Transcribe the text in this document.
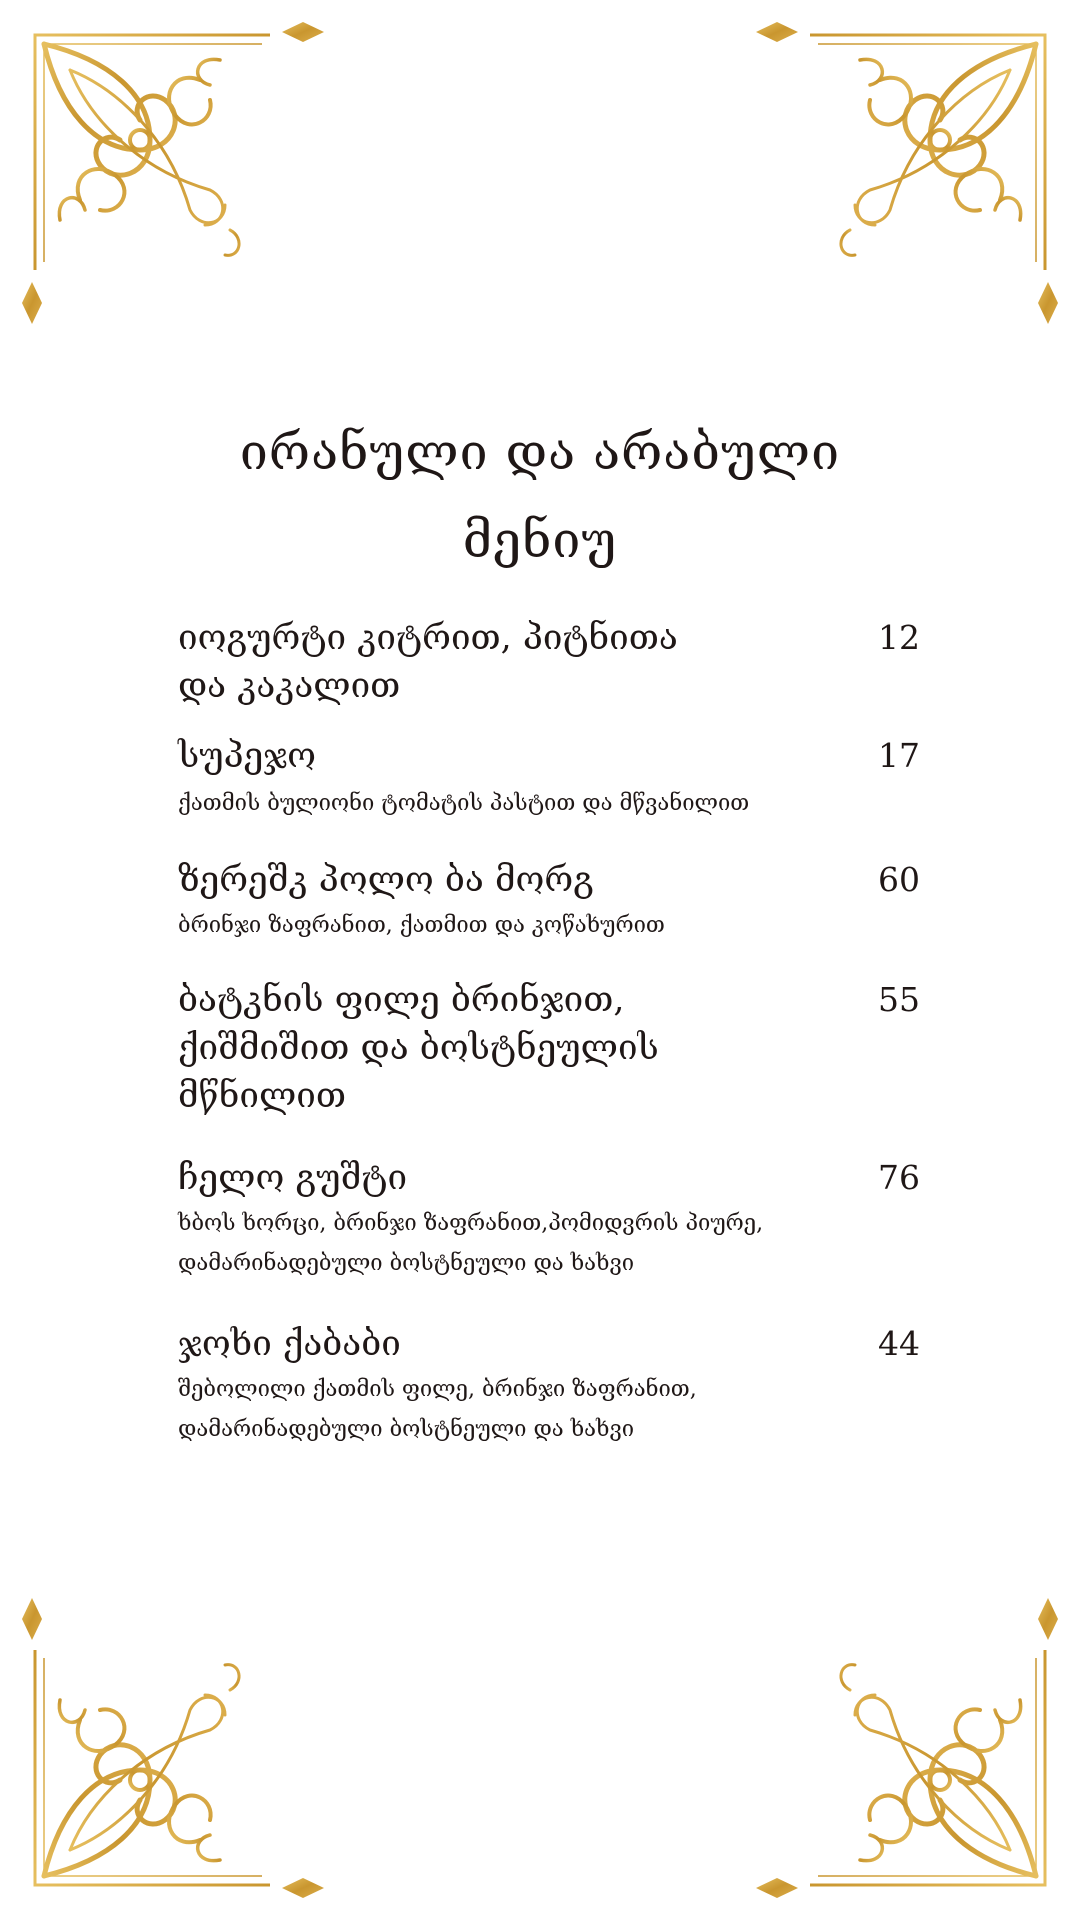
ირანული და არაბული
მენიუ
იოგურტი კიტრით, პიტნითა
და კაკალით
12
სუპეჯო	17
ქათმის ბულიონი ტომატის პასტით და მწვანილით
ზერეშკ პოლო ბა მორგ	60
ბრინჯი ზაფრანით, ქათმით და კოწახურით
ბატკნის ფილე ბრინჯით,
ქიშმიშით და ბოსტნეულის
მწნილით
55
ჩელო გუშტი	76
ხბოს ხორცი, ბრინჯი ზაფრანით,პომიდვრის პიურე,
დამარინადებული ბოსტნეული და ხახვი
ჯოხი ქაბაბი	44
შებოლილი ქათმის ფილე, ბრინჯი ზაფრანით,
დამარინადებული ბოსტნეული და ხახვი
